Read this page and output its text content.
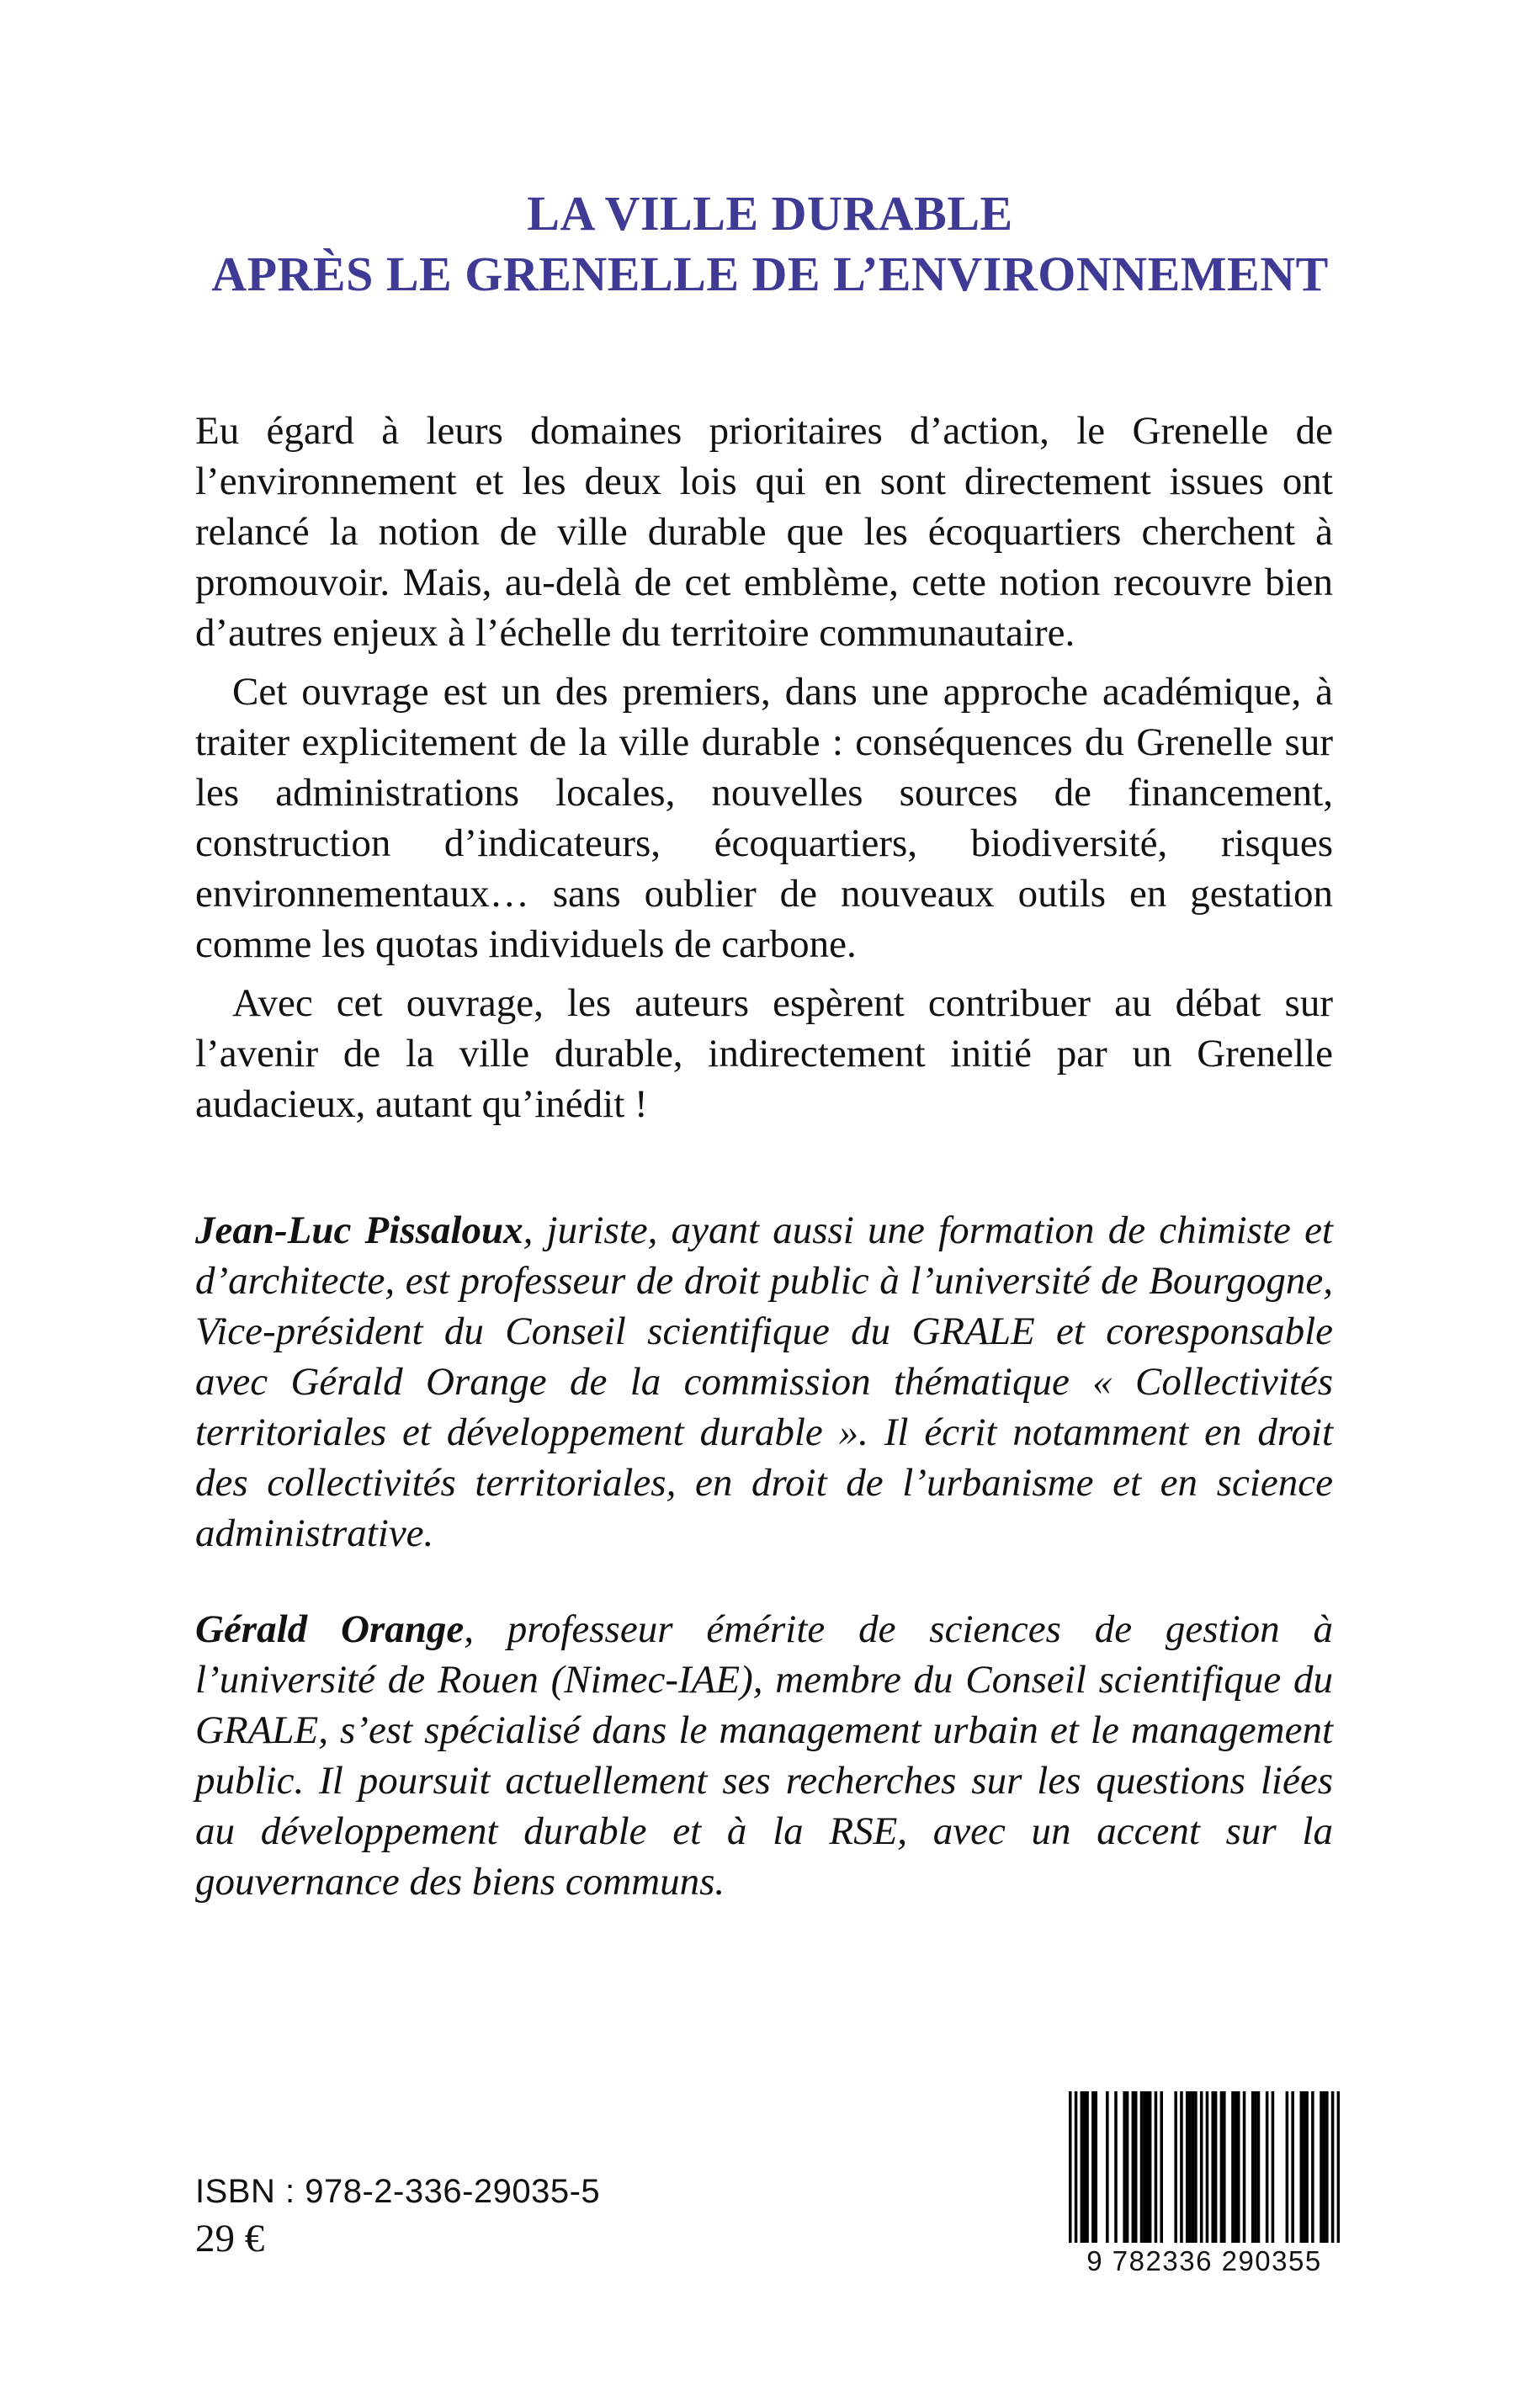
LA VILLE DURABLE
APRÈS LE GRENELLE DE L’ENVIRONNEMENT

Eu égard à leurs domaines prioritaires d’action, le Grenelle de l’environnement et les deux lois qui en sont directement issues ont relancé la notion de ville durable que les écoquartiers cherchent à promouvoir. Mais, au-delà de cet emblème, cette notion recouvre bien d’autres enjeux à l’échelle du territoire communautaire.

Cet ouvrage est un des premiers, dans une approche académique, à traiter explicitement de la ville durable : conséquences du Grenelle sur les administrations locales, nouvelles sources de financement, construction d’indicateurs, écoquartiers, biodiversité, risques environnementaux… sans oublier de nouveaux outils en gestation comme les quotas individuels de carbone.

Avec cet ouvrage, les auteurs espèrent contribuer au débat sur l’avenir de la ville durable, indirectement initié par un Grenelle audacieux, autant qu’inédit !

Jean-Luc Pissaloux, juriste, ayant aussi une formation de chimiste et d’architecte, est professeur de droit public à l’université de Bourgogne, Vice-président du Conseil scientifique du GRALE et coresponsable avec Gérald Orange de la commission thématique « Collectivités territoriales et développement durable ». Il écrit notamment en droit des collectivités territoriales, en droit de l’urbanisme et en science administrative.
Gérald Orange, professeur émérite de sciences de gestion à l’université de Rouen (Nimec-IAE), membre du Conseil scientifique du GRALE, s’est spécialisé dans le management urbain et le management public. Il poursuit actuellement ses recherches sur les questions liées au développement durable et à la RSE, avec un accent sur la gouvernance des biens communs.
ISBN : 978-2-336-29035-5
29 €
9 782336 290355
